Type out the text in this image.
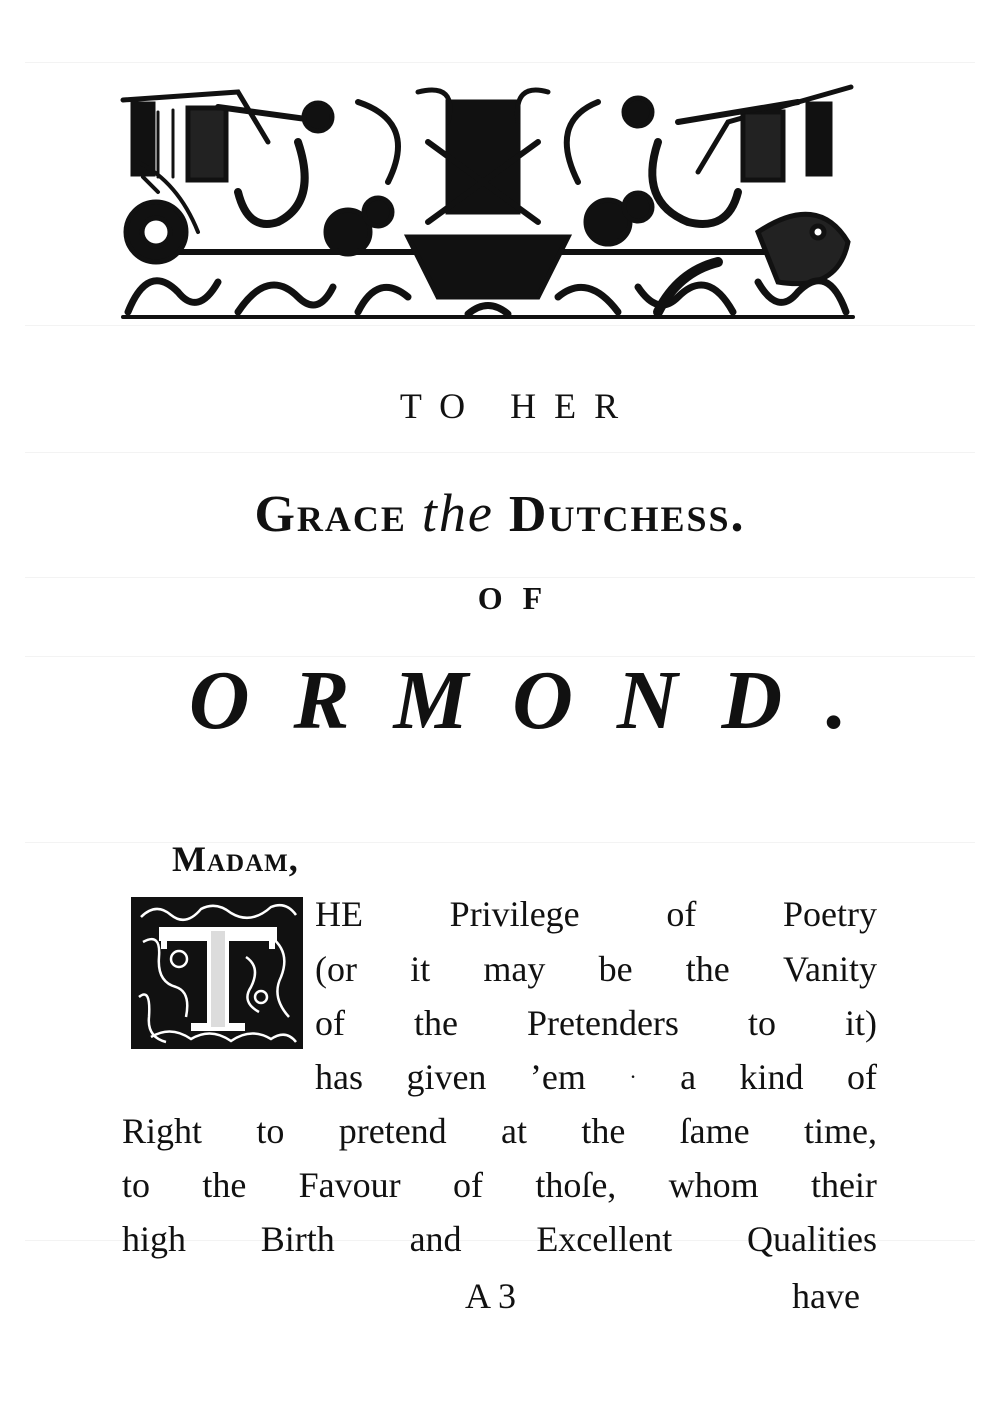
TO HER
Grace the Dutchess.
OF
ORMOND.
Madam,
HE Privilege of Poetry
(or it may be the Vanity
of the Pretenders to it)
has given ’em · a kind of
Right to pretend at the ſame time,
to the Favour of thoſe, whom their
high Birth and Excellent Qualities
A 3	have
